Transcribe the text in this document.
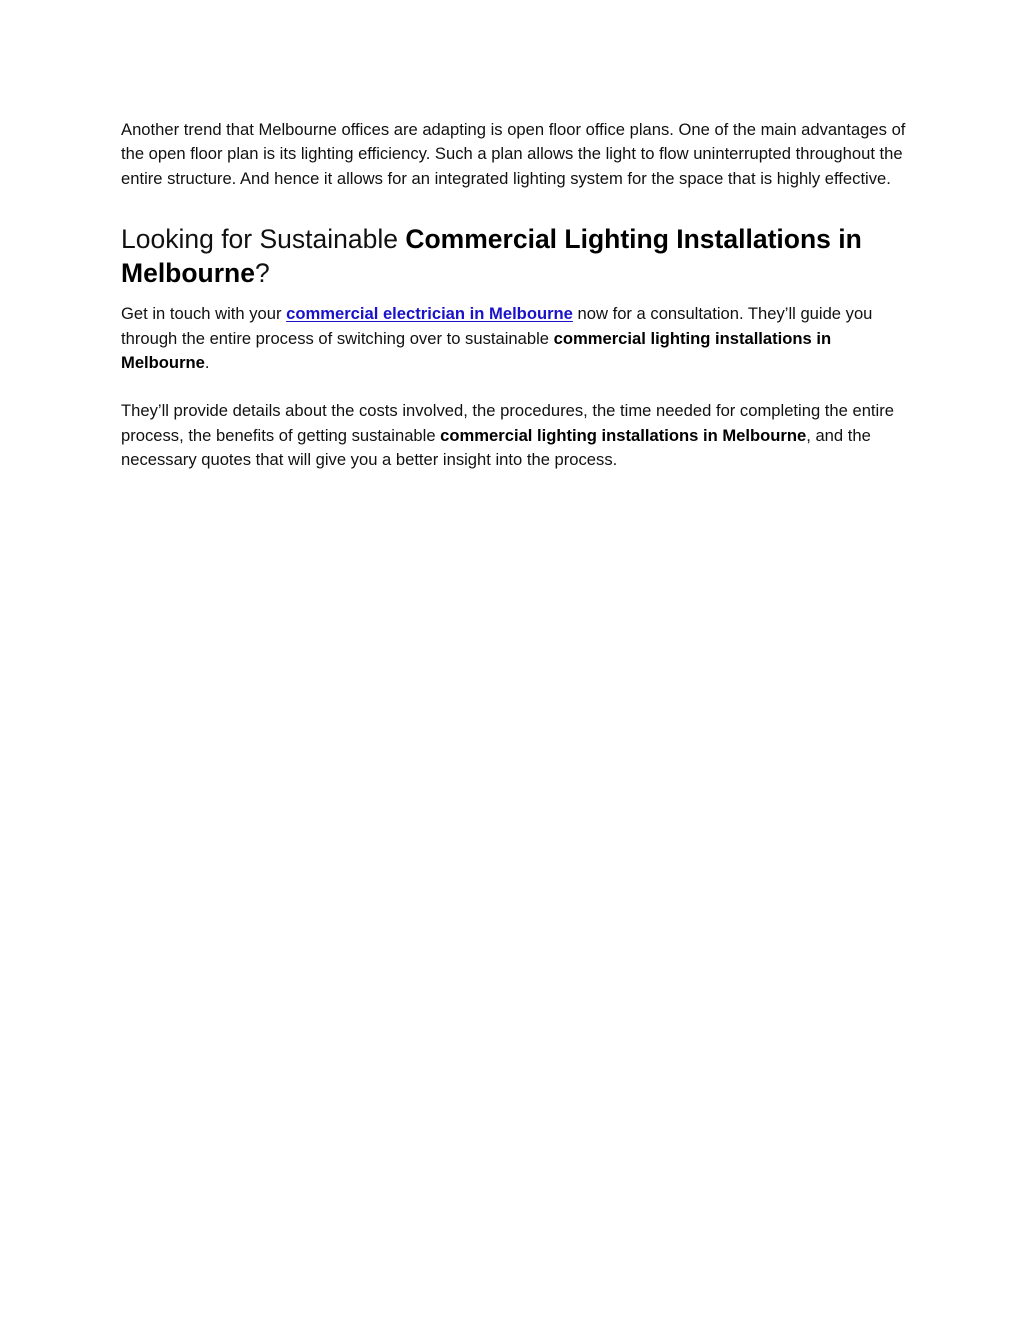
Another trend that Melbourne offices are adapting is open floor office plans. One of the main advantages of the open floor plan is its lighting efficiency. Such a plan allows the light to flow uninterrupted throughout the entire structure. And hence it allows for an integrated lighting system for the space that is highly effective.

Looking for Sustainable Commercial Lighting Installations in Melbourne?

Get in touch with your commercial electrician in Melbourne now for a consultation. They’ll guide you through the entire process of switching over to sustainable commercial lighting installations in Melbourne.

They’ll provide details about the costs involved, the procedures, the time needed for completing the entire process, the benefits of getting sustainable commercial lighting installations in Melbourne, and the necessary quotes that will give you a better insight into the process.
